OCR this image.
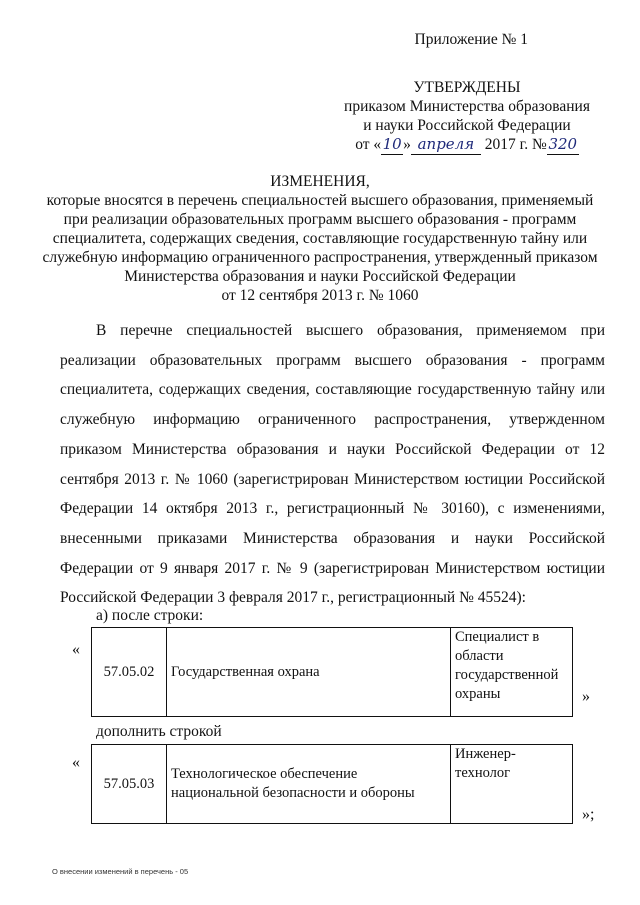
Приложение № 1
УТВЕРЖДЕНЫ
приказом Министерства образования
и науки Российской Федерации
от «10» апреля 2017 г. № 320
ИЗМЕНЕНИЯ,
которые вносятся в перечень специальностей высшего образования, применяемый
при реализации образовательных программ высшего образования - программ
специалитета, содержащих сведения, составляющие государственную тайну или
служебную информацию ограниченного распространения, утвержденный приказом
Министерства образования и науки Российской Федерации
от 12 сентября 2013 г. № 1060
В перечне специальностей высшего образования, применяемом при реализации образовательных программ высшего образования - программ специалитета, содержащих сведения, составляющие государственную тайну или служебную информацию ограниченного распространения, утвержденном приказом Министерства образования и науки Российской Федерации от 12 сентября 2013 г. № 1060 (зарегистрирован Министерством юстиции Российской Федерации 14 октября 2013 г., регистрационный № 30160), с изменениями, внесенными приказами Министерства образования и науки Российской Федерации от 9 января 2017 г. № 9 (зарегистрирован Министерством юстиции Российской Федерации 3 февраля 2017 г., регистрационный № 45524):
а) после строки:
«
57.05.02	Государственная охрана	Специалист в области государственной охраны	»
дополнить строкой
«
57.05.03	Технологическое обеспечение национальной безопасности и обороны	Инженер-технолог
»;
О внесении изменений в перечень - 05
